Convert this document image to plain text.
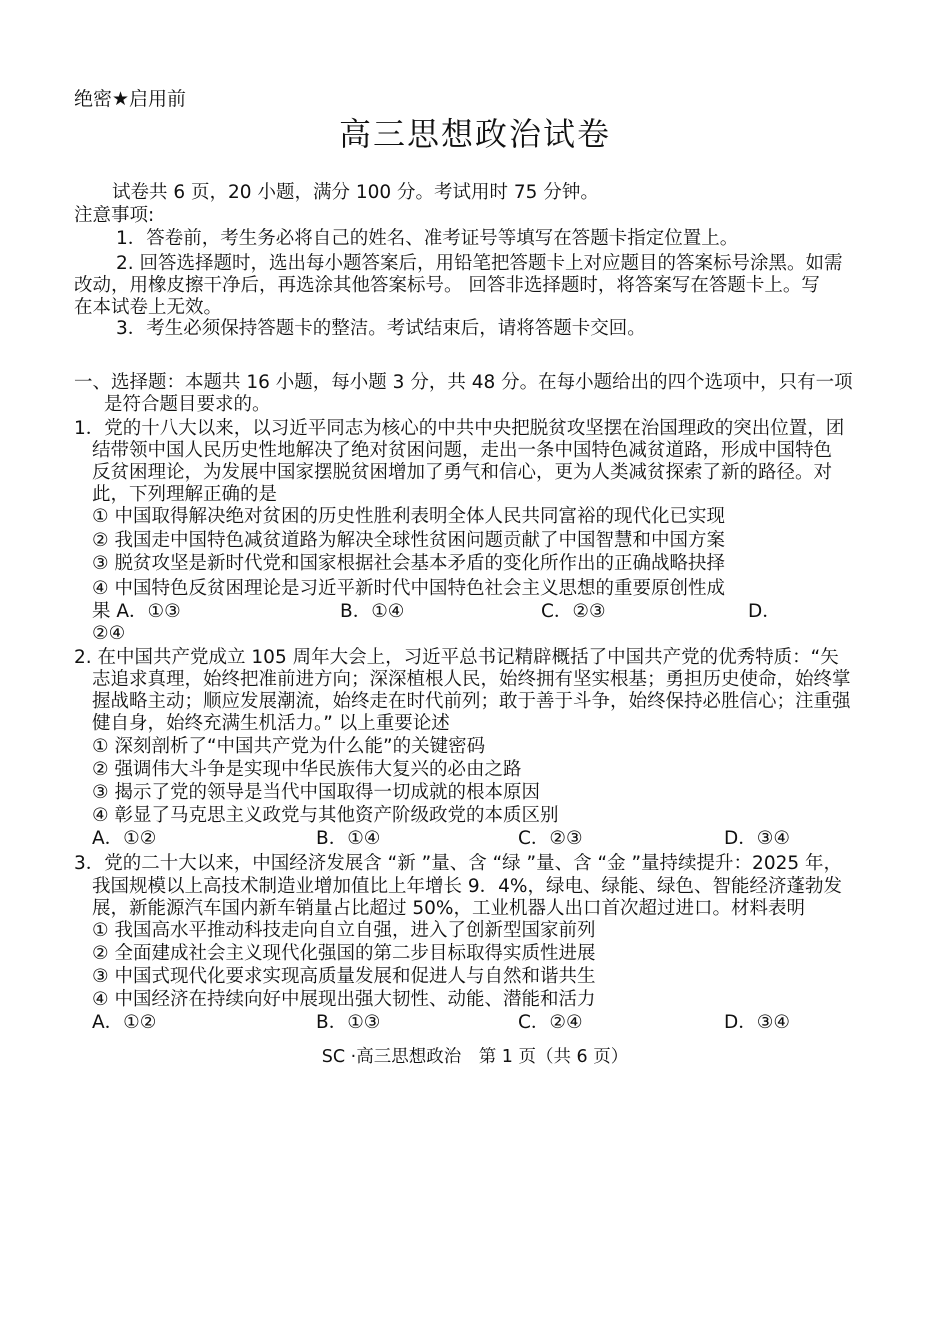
绝密★启用前
高三思想政治试卷
试卷共 6 页，20 小题，满分 100 分。考试用时 75 分钟。
注意事项:
1．答卷前，考生务必将自己的姓名、准考证号等填写在答题卡指定位置上。
2. 回答选择题时，选出每小题答案后，用铅笔把答题卡上对应题目的答案标号涂黑。如需
改动，用橡皮擦干净后，再选涂其他答案标号。 回答非选择题时，将答案写在答题卡上。写
在本试卷上无效。
3．考生必须保持答题卡的整洁。考试结束后，请将答题卡交回。
一、选择题：本题共 16 小题，每小题 3 分，共 48 分。在每小题给出的四个选项中，只有一项
是符合题目要求的。
1．党的十八大以来，以习近平同志为核心的中共中央把脱贫攻坚摆在治国理政的突出位置，团
结带领中国人民历史性地解决了绝对贫困问题，走出一条中国特色减贫道路，形成中国特色
反贫困理论，为发展中国家摆脱贫困增加了勇气和信心，更为人类减贫探索了新的路径。对
此，下列理解正确的是
① 中国取得解决绝对贫困的历史性胜利表明全体人民共同富裕的现代化已实现
② 我国走中国特色减贫道路为解决全球性贫困问题贡献了中国智慧和中国方案
③ 脱贫攻坚是新时代党和国家根据社会基本矛盾的变化所作出的正确战略抉择
④ 中国特色反贫困理论是习近平新时代中国特色社会主义思想的重要原创性成
果 A．①③	B．①④	C．②③	D．
②④
2. 在中国共产党成立 105 周年大会上，习近平总书记精辟概括了中国共产党的优秀特质：“矢
志追求真理，始终把准前进方向；深深植根人民，始终拥有坚实根基；勇担历史使命，始终掌
握战略主动；顺应发展潮流，始终走在时代前列；敢于善于斗争，始终保持必胜信心；注重强
健自身，始终充满生机活力。” 以上重要论述
① 深刻剖析了“中国共产党为什么能”的关键密码
② 强调伟大斗争是实现中华民族伟大复兴的必由之路
③ 揭示了党的领导是当代中国取得一切成就的根本原因
④ 彰显了马克思主义政党与其他资产阶级政党的本质区别
A．①②	B．①④	C．②③	D．③④
3．党的二十大以来，中国经济发展含 “新 ”量、含 “绿 ”量、含 “金 ”量持续提升：2025 年，
我国规模以上高技术制造业增加值比上年增长 9．4%，绿电、绿能、绿色、智能经济蓬勃发
展，新能源汽车国内新车销量占比超过 50%，工业机器人出口首次超过进口。材料表明
① 我国高水平推动科技走向自立自强，进入了创新型国家前列
② 全面建成社会主义现代化强国的第二步目标取得实质性进展
③ 中国式现代化要求实现高质量发展和促进人与自然和谐共生
④ 中国经济在持续向好中展现出强大韧性、动能、潜能和活力
A．①②	B．①③	C．②④	D．③④
SC ·高三思想政治　第 1 页（共 6 页）
